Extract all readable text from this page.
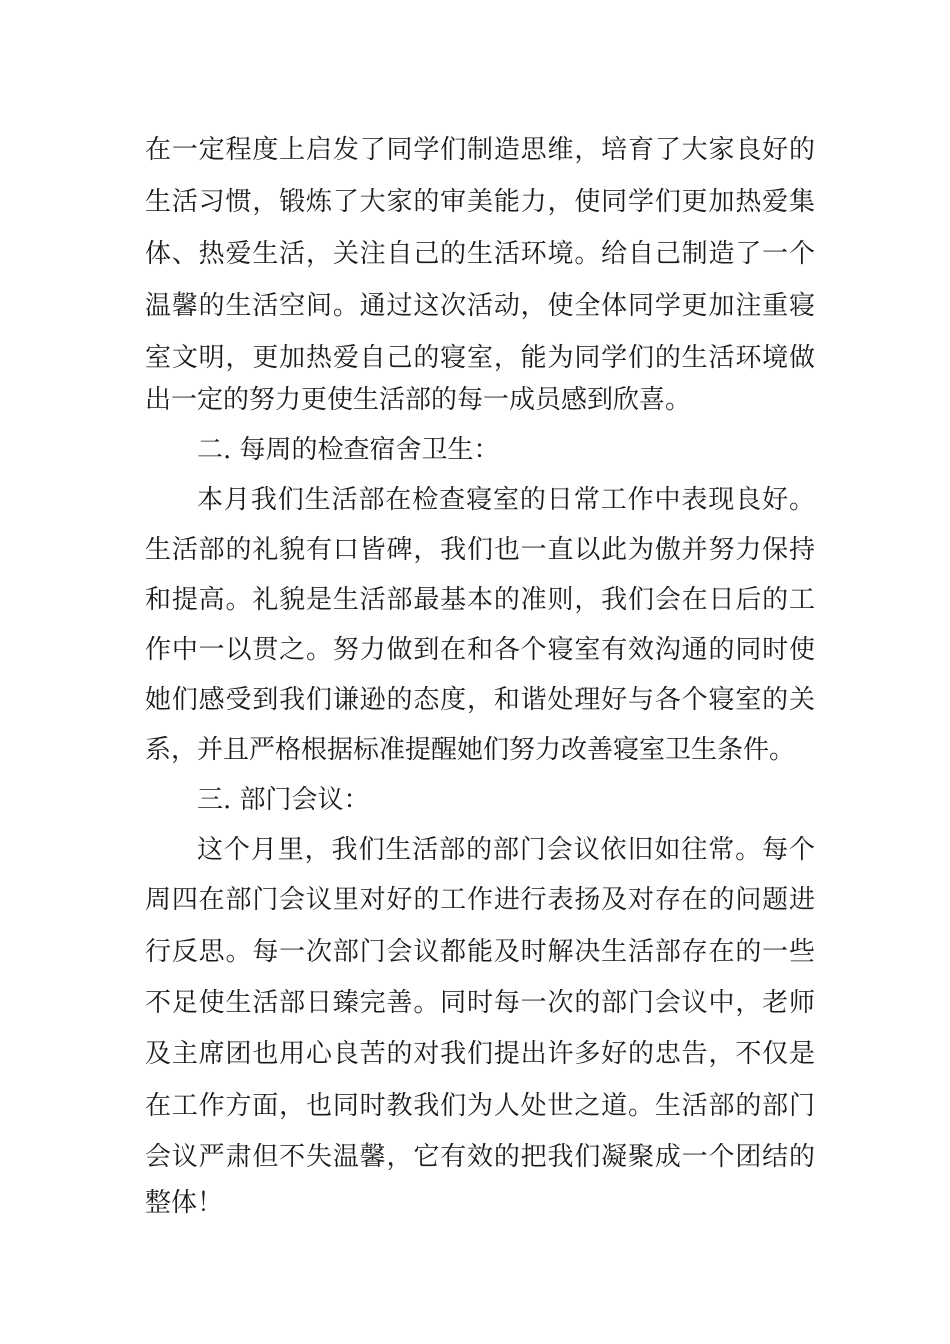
在一定程度上启发了同学们制造思维，培育了大家良好的
生活习惯，锻炼了大家的审美能力，使同学们更加热爱集
体、热爱生活，关注自己的生活环境。给自己制造了一个
温馨的生活空间。通过这次活动，使全体同学更加注重寝
室文明，更加热爱自己的寝室，能为同学们的生活环境做
出一定的努力更使生活部的每一成员感到欣喜。
二. 每周的检查宿舍卫生：
本月我们生活部在检查寝室的日常工作中表现良好。
生活部的礼貌有口皆碑，我们也一直以此为傲并努力保持
和提高。礼貌是生活部最基本的准则，我们会在日后的工
作中一以贯之。努力做到在和各个寝室有效沟通的同时使
她们感受到我们谦逊的态度，和谐处理好与各个寝室的关
系，并且严格根据标准提醒她们努力改善寝室卫生条件。
三. 部门会议：
这个月里，我们生活部的部门会议依旧如往常。每个
周四在部门会议里对好的工作进行表扬及对存在的问题进
行反思。每一次部门会议都能及时解决生活部存在的一些
不足使生活部日臻完善。同时每一次的部门会议中，老师
及主席团也用心良苦的对我们提出许多好的忠告，不仅是
在工作方面，也同时教我们为人处世之道。生活部的部门
会议严肃但不失温馨，它有效的把我们凝聚成一个团结的
整体！
